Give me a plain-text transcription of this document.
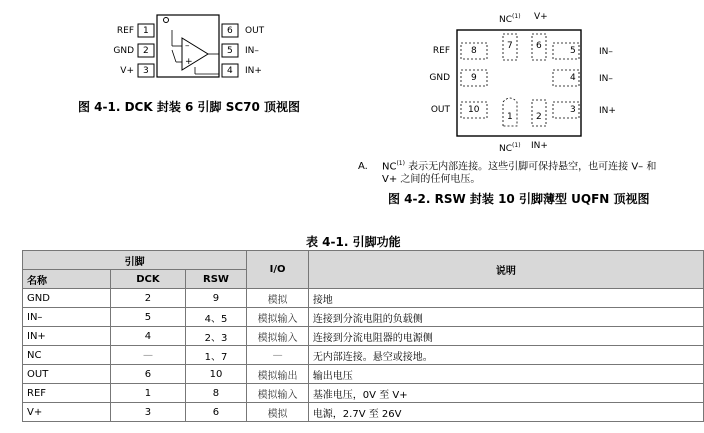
–
+
REF
GND
V+
1
2
3
6
5
4
OUT
IN–
IN+
图 4-1. DCK 封装 6 引脚 SC70 顶视图
NC$^{(1)}$ V+
$NC^{(1)}$ IN+
REF
GND
OUT
IN–
IN–
IN+
8
9
10
5
4
3
7	6
1	2
A. NC$^{(1)}$ 表示无内部连接。这些引脚可保持悬空，也可连接 V– 和
V+ 之间的任何电压。
图 4-2. RSW 封装 10 引脚薄型 UQFN 顶视图
表 4-1. 引脚功能
引脚			I/O	说明
名称	DCK	RSW		
GND	2	9	模拟	接地
IN–	5	4、5	模拟输入	连接到分流电阻的负载侧
IN+	4	2、3	模拟输入	连接到分流电阻器的电源侧
NC	—	1、7	—	无内部连接。悬空或接地。
OUT	6	10	模拟输出	输出电压
REF	1	8	模拟输入	基准电压，0V 至 V+
V+	3	6	模拟	电源，2.7V 至 26V
